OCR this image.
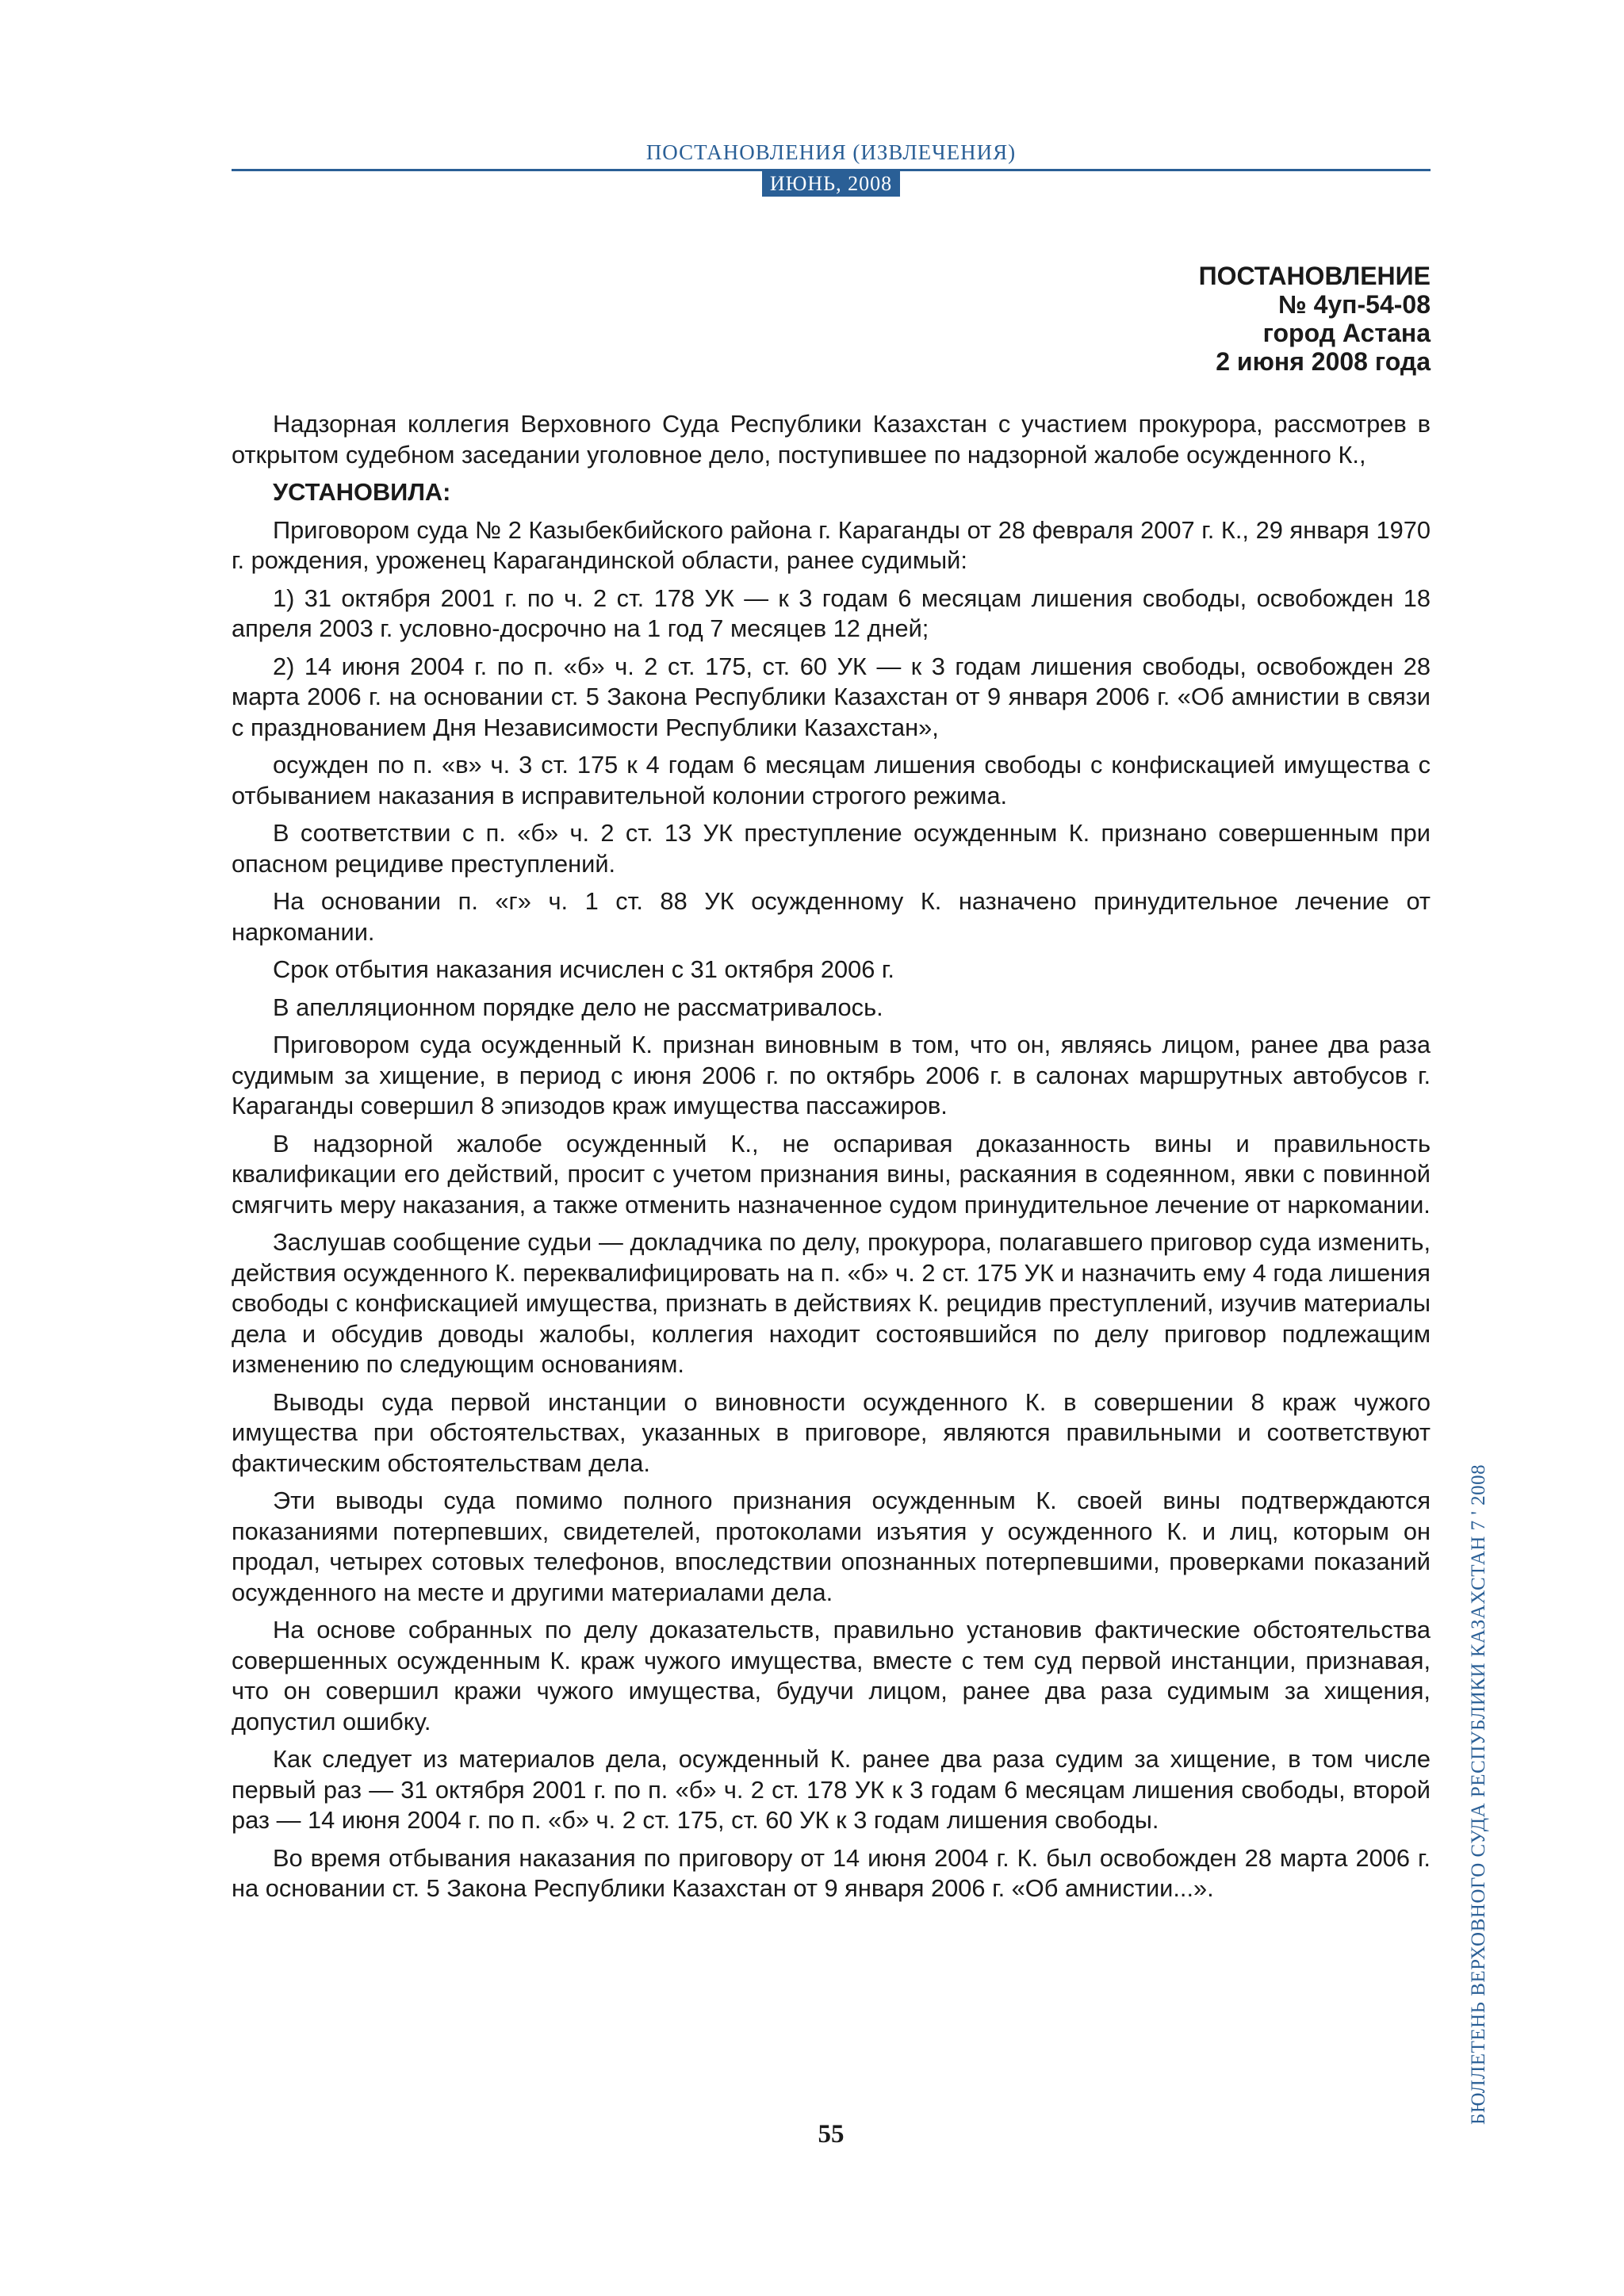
ПОСТАНОВЛЕНИЯ (ИЗВЛЕЧЕНИЯ)
ИЮНЬ, 2008
ПОСТАНОВЛЕНИЕ
№ 4уп-54-08
город Астана
2 июня 2008 года

Надзорная коллегия Верховного Суда Республики Казахстан с участием прокурора, рассмотрев в открытом судебном заседании уголовное дело, поступившее по надзорной жалобе осужденного К.,

УСТАНОВИЛА:

Приговором суда № 2 Казыбекбийского района г. Караганды от 28 февраля 2007 г. К., 29 января 1970 г. рождения, уроженец Карагандинской области, ранее судимый:

1) 31 октября 2001 г. по ч. 2 ст. 178 УК — к 3 годам 6 месяцам лишения свободы, освобожден 18 апреля 2003 г. условно-досрочно на 1 год 7 месяцев 12 дней;

2) 14 июня 2004 г. по п. «б» ч. 2 ст. 175, ст. 60 УК — к 3 годам лишения свободы, освобожден 28 марта 2006 г. на основании ст. 5 Закона Республики Казахстан от 9 января 2006 г. «Об амнистии в связи с празднованием Дня Независимости Республики Казахстан»,

осужден по п. «в» ч. 3 ст. 175 к 4 годам 6 месяцам лишения свободы с конфискацией имущества с отбыванием наказания в исправительной колонии строгого режима.

В соответствии с п. «б» ч. 2 ст. 13 УК преступление осужденным К. признано совершенным при опасном рецидиве преступлений.

На основании п. «г» ч. 1 ст. 88 УК осужденному К. назначено принудительное лечение от наркомании.

Срок отбытия наказания исчислен с 31 октября 2006 г.

В апелляционном порядке дело не рассматривалось.

Приговором суда осужденный К. признан виновным в том, что он, являясь лицом, ранее два раза судимым за хищение, в период с июня 2006 г. по октябрь 2006 г. в салонах маршрутных автобусов г. Караганды совершил 8 эпизодов краж имущества пассажиров.

В надзорной жалобе осужденный К., не оспаривая доказанность вины и правильность квалификации его действий, просит с учетом признания вины, раскаяния в содеянном, явки с повинной смягчить меру наказания, а также отменить назначенное судом принудительное лечение от наркомании.

Заслушав сообщение судьи — докладчика по делу, прокурора, полагавшего приговор суда изменить, действия осужденного К. переквалифицировать на п. «б» ч. 2 ст. 175 УК и назначить ему 4 года лишения свободы с конфискацией имущества, признать в действиях К. рецидив преступлений, изучив материалы дела и обсудив доводы жалобы, коллегия находит состоявшийся по делу приговор подлежащим изменению по следующим основаниям.

Выводы суда первой инстанции о виновности осужденного К. в совершении 8 краж чужого имущества при обстоятельствах, указанных в приговоре, являются правильными и соответствуют фактическим обстоятельствам дела.

Эти выводы суда помимо полного признания осужденным К. своей вины подтверждаются показаниями потерпевших, свидетелей, протоколами изъятия у осужденного К. и лиц, которым он продал, четырех сотовых телефонов, впоследствии опознанных потерпевшими, проверками показаний осужденного на месте и другими материалами дела.

На основе собранных по делу доказательств, правильно установив фактические обстоятельства совершенных осужденным К. краж чужого имущества, вместе с тем суд первой инстанции, признавая, что он совершил кражи чужого имущества, будучи лицом, ранее два раза судимым за хищения, допустил ошибку.

Как следует из материалов дела, осужденный К. ранее два раза судим за хищение, в том числе первый раз — 31 октября 2001 г. по п. «б» ч. 2 ст. 178 УК к 3 годам 6 месяцам лишения свободы, второй раз — 14 июня 2004 г. по п. «б» ч. 2 ст. 175, ст. 60 УК к 3 годам лишения свободы.

Во время отбывания наказания по приговору от 14 июня 2004 г. К. был освобожден 28 марта 2006 г. на основании ст. 5 Закона Республики Казахстан от 9 января 2006 г. «Об амнистии...».	БЮЛЛЕТЕНЬ ВЕРХОВНОГО СУДА РЕСПУБЛИКИ КАЗАХСТАН 7 ' 2008
55
